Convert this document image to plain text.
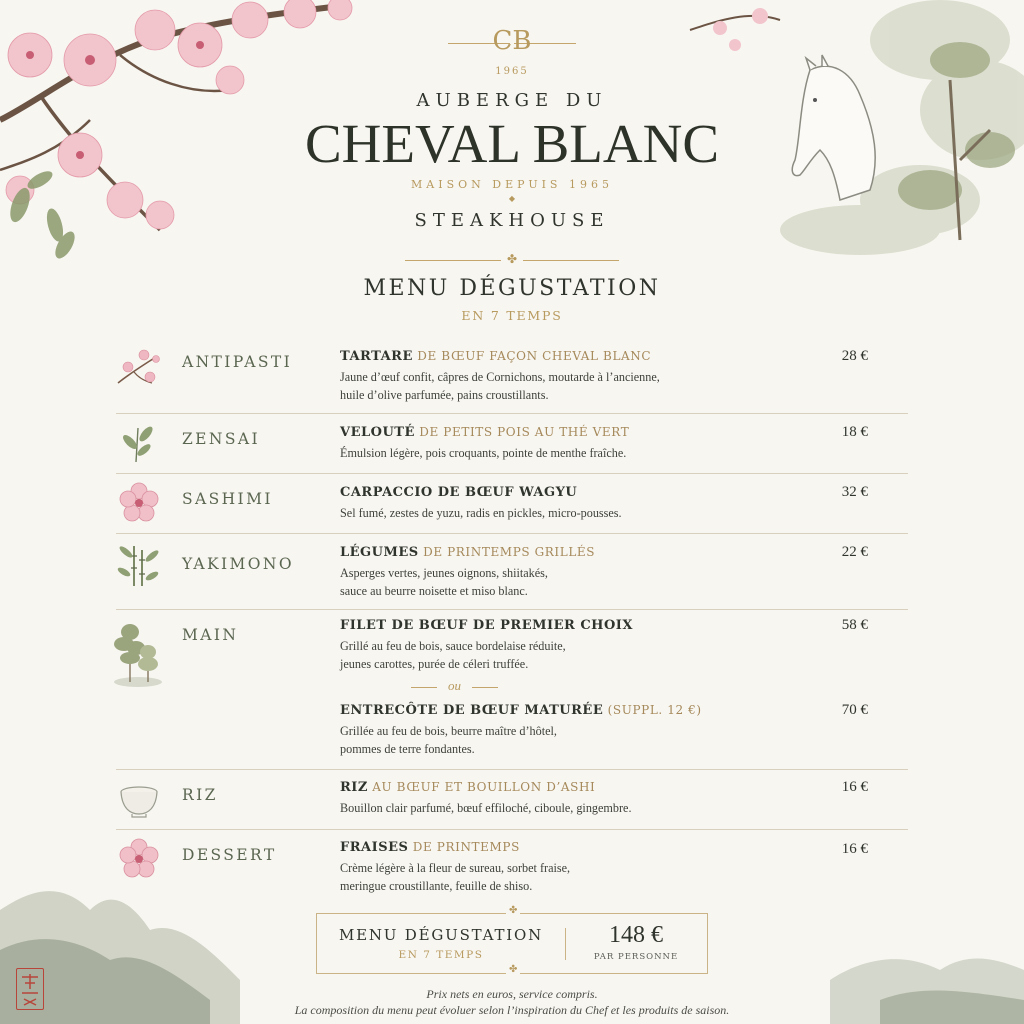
CB
1965
AUBERGE DU
CHEVAL BLANC
MAISON DEPUIS 1965
◆
STEAKHOUSE
✤
MENU DÉGUSTATION
EN 7 TEMPS
ANTIPASTI	TARTARE DE BŒUF FAÇON CHEVAL BLANC
Jaune d’œuf confit, câpres de Cornichons, moutarde à l’ancienne,
huile d’olive parfumée, pains croustillants.
28 €
ZENSAI	VELOUTÉ DE PETITS POIS AU THÉ VERT
Émulsion légère, pois croquants, pointe de menthe fraîche.
18 €
SASHIMI	CARPACCIO DE BŒUF WAGYU
Sel fumé, zestes de yuzu, radis en pickles, micro-pousses.
32 €
YAKIMONO
LÉGUMES DE PRINTEMPS GRILLÉS
Asperges vertes, jeunes oignons, shiitakés,
sauce au beurre noisette et miso blanc.
22 €
MAIN
FILET DE BŒUF DE PREMIER CHOIX
Grillé au feu de bois, sauce bordelaise réduite,
jeunes carottes, purée de céleri truffée.
58 €
ou
ENTRECÔTE DE BŒUF MATURÉE (SUPPL. 12 €)
Grillée au feu de bois, beurre maître d’hôtel,
pommes de terre fondantes.
70 €
RIZ	RIZ AU BŒUF ET BOUILLON D’ASHI
Bouillon clair parfumé, bœuf effiloché, ciboule, gingembre.
16 €
DESSERT	FRAISES DE PRINTEMPS
Crème légère à la fleur de sureau, sorbet fraise,
meringue croustillante, feuille de shiso.
16 €
✤
MENU DÉGUSTATION
EN 7 TEMPS
148 €
PAR PERSONNE
✤
Prix nets en euros, service compris.
La composition du menu peut évoluer selon l’inspiration du Chef et les produits de saison.
